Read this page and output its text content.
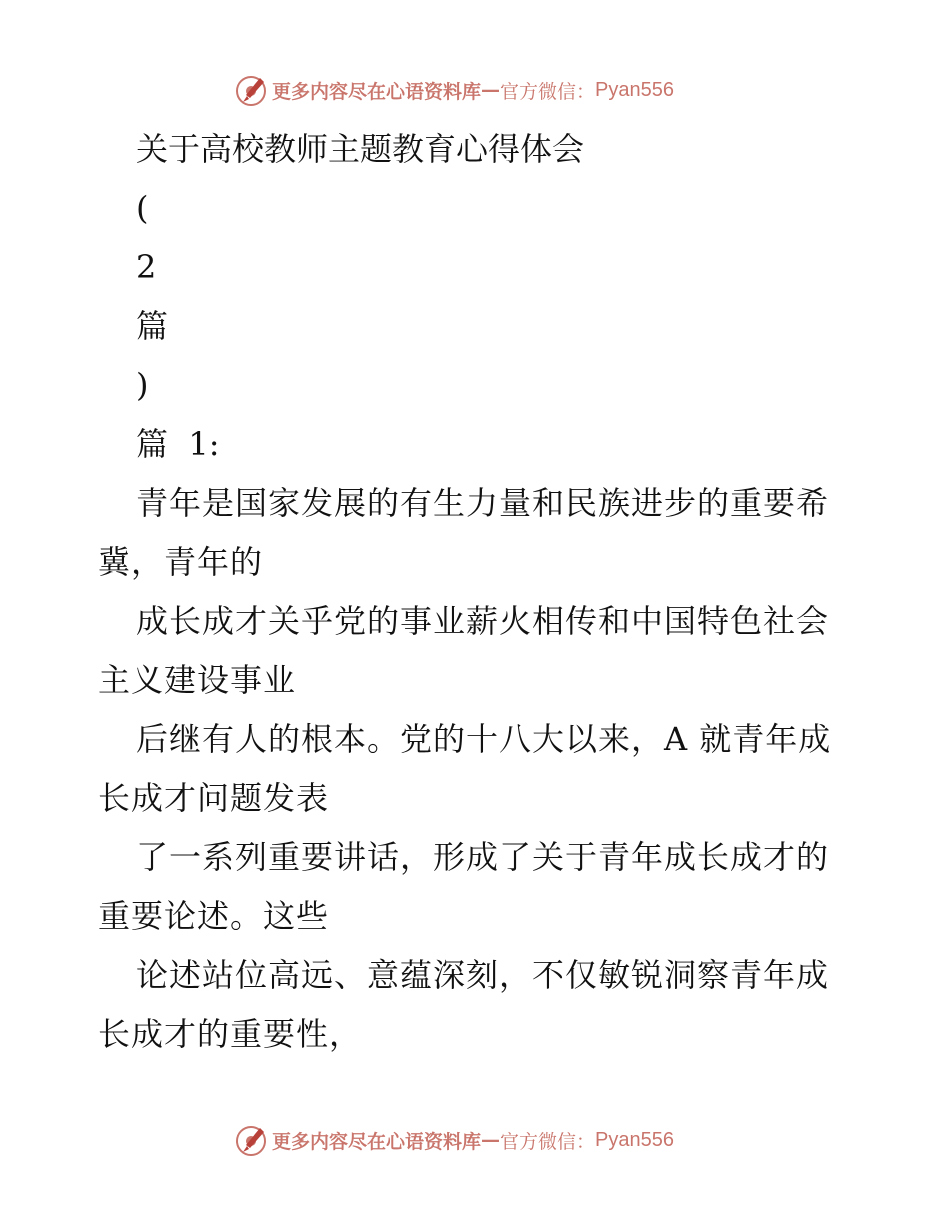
更多内容尽在心语资料库 — 官方微信： Pyan556
关于高校教师主题教育心得体会
(
2
篇
)
篇  1:
青年是国家发展的有生力量和民族进步的重要希
冀，青年的
成长成才关乎党的事业薪火相传和中国特色社会
主义建设事业
后继有人的根本。党的十八大以来，A 就青年成
长成才问题发表
了一系列重要讲话，形成了关于青年成长成才的
重要论述。这些
论述站位高远、意蕴深刻，不仅敏锐洞察青年成
长成才的重要性，
更多内容尽在心语资料库 — 官方微信： Pyan556
